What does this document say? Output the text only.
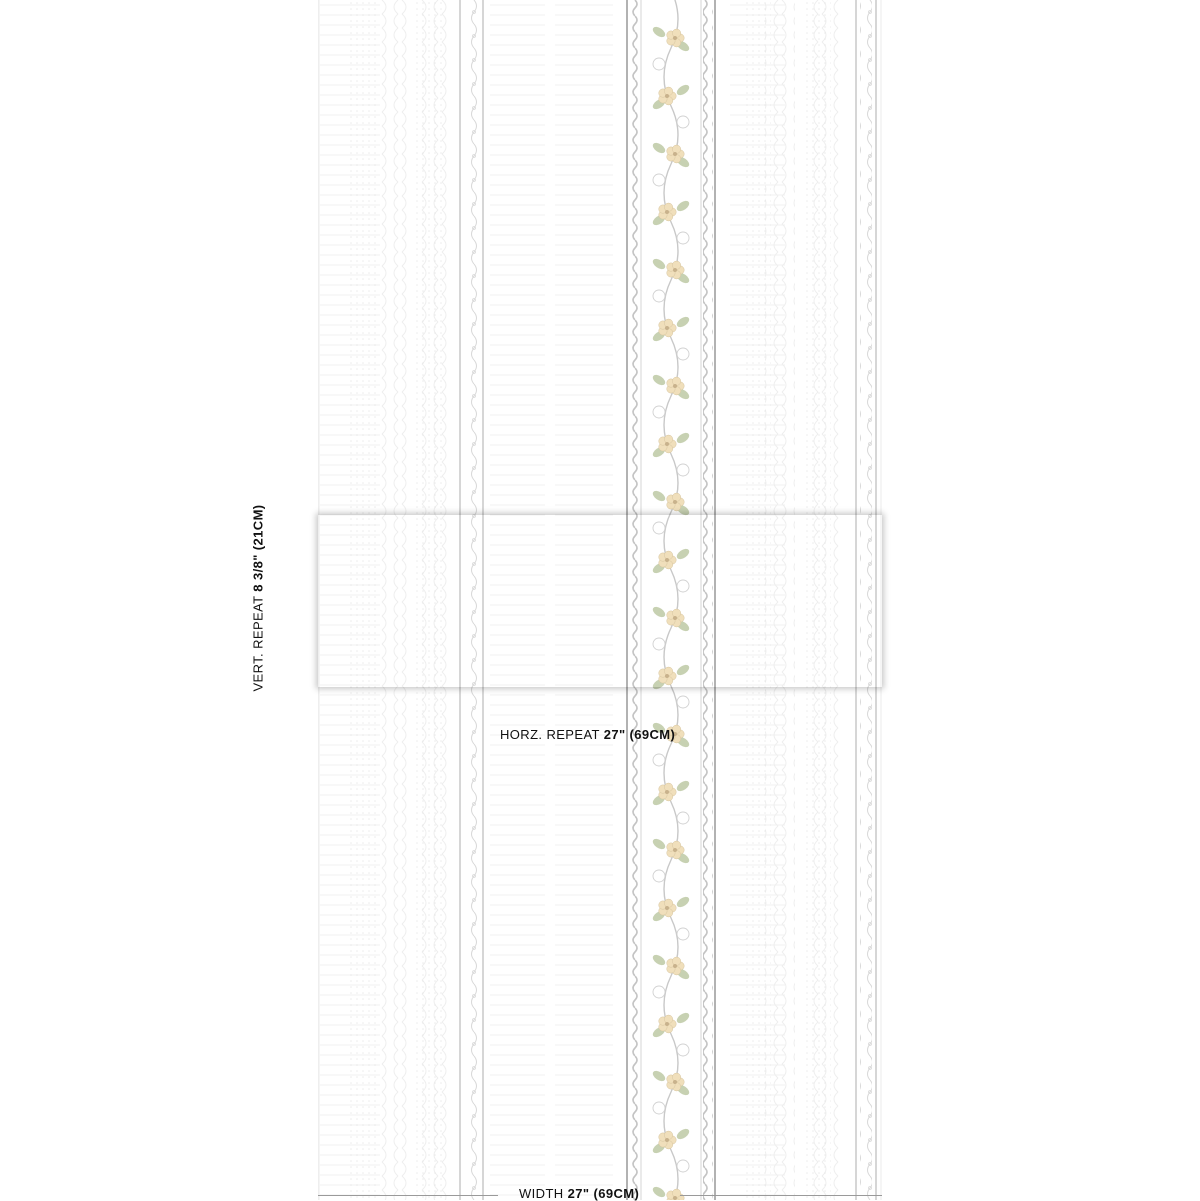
VERT. REPEAT 8 3/8" (21CM)
HORZ. REPEAT 27" (69CM)
WIDTH 27" (69CM)
